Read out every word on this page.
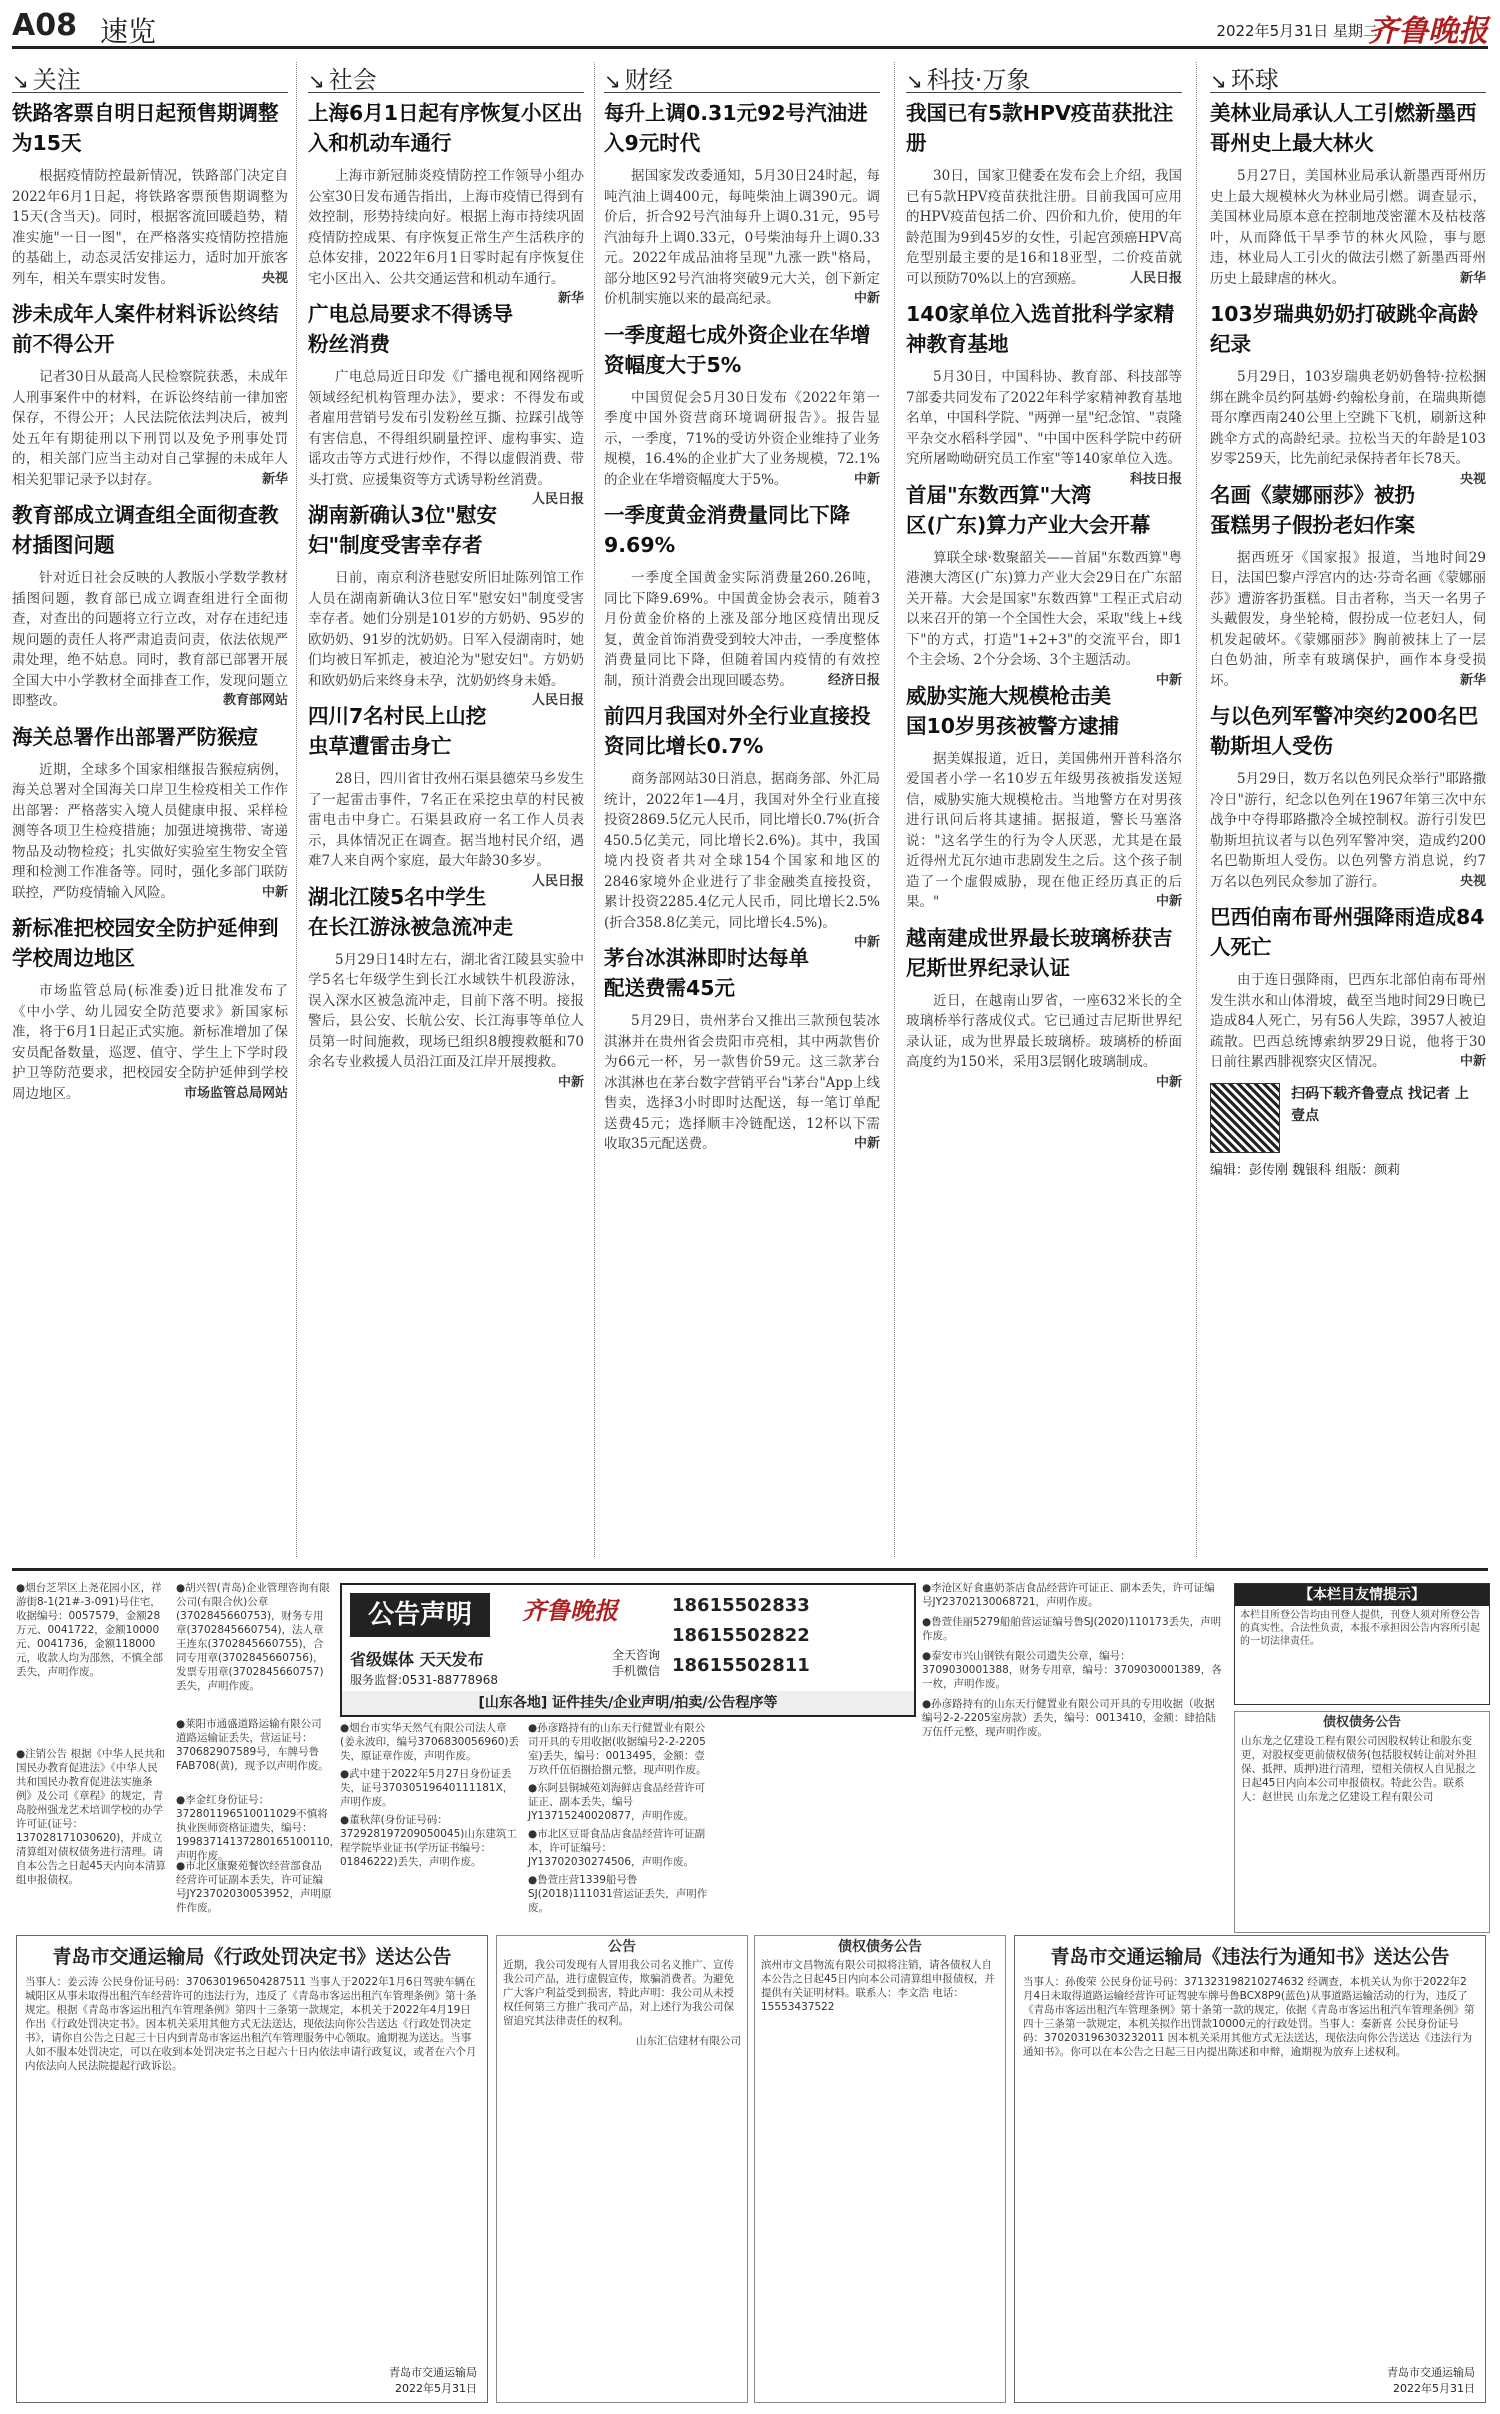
A08 速览	2022年5月31日 星期二
齐鲁晚报
↘ 关注	↘ 社会	↘ 财经	↘ 科技·万象	↘ 环球
铁路客票自明日起预售期调整为15天

根据疫情防控最新情况，铁路部门决定自2022年6月1日起，将铁路客票预售期调整为15天(含当天)。同时，根据客流回暖趋势，精准实施"一日一图"，在严格落实疫情防控措施的基础上，动态灵活安排运力，适时加开旅客列车，相关车票实时发售。	央视

涉未成年人案件材料诉讼终结前不得公开

记者30日从最高人民检察院获悉，未成年人刑事案件中的材料，在诉讼终结前一律加密保存，不得公开；人民法院依法判决后，被判处五年有期徒刑以下刑罚以及免予刑事处罚的，相关部门应当主动对自己掌握的未成年人相关犯罪记录予以封存。	新华

教育部成立调查组全面彻查教材插图问题

针对近日社会反映的人教版小学数学教材插图问题，教育部已成立调查组进行全面彻查，对查出的问题将立行立改，对存在违纪违规问题的责任人将严肃追责问责，依法依规严肃处理，绝不姑息。同时，教育部已部署开展全国大中小学教材全面排查工作，发现问题立即整改。	教育部网站

海关总署作出部署严防猴痘

近期，全球多个国家相继报告猴痘病例，海关总署对全国海关口岸卫生检疫相关工作作出部署：严格落实入境人员健康申报、采样检测等各项卫生检疫措施；加强进境携带、寄递物品及动物检疫；扎实做好实验室生物安全管理和检测工作准备等。同时，强化多部门联防联控，严防疫情输入风险。	中新

新标准把校园安全防护延伸到学校周边地区

市场监管总局(标准委)近日批准发布了《中小学、幼儿园安全防范要求》新国家标准，将于6月1日起正式实施。新标准增加了保安员配备数量，巡逻、值守、学生上下学时段护卫等防范要求，把校园安全防护延伸到学校周边地区。	市场监管总局网站

上海6月1日起有序恢复小区出入和机动车通行

上海市新冠肺炎疫情防控工作领导小组办公室30日发布通告指出，上海市疫情已得到有效控制，形势持续向好。根据上海市持续巩固疫情防控成果、有序恢复正常生产生活秩序的总体安排，2022年6月1日零时起有序恢复住宅小区出入、公共交通运营和机动车通行。
新华

广电总局要求不得诱导粉丝消费

广电总局近日印发《广播电视和网络视听领域经纪机构管理办法》，要求：不得发布或者雇用营销号发布引发粉丝互撕、拉踩引战等有害信息，不得组织刷量控评、虚构事实、造谣攻击等方式进行炒作，不得以虚假消费、带头打赏、应援集资等方式诱导粉丝消费。
人民日报

湖南新确认3位"慰安妇"制度受害幸存者

日前，南京利济巷慰安所旧址陈列馆工作人员在湖南新确认3位日军"慰安妇"制度受害幸存者。她们分别是101岁的方奶奶、95岁的欧奶奶、91岁的沈奶奶。日军入侵湖南时，她们均被日军抓走，被迫沦为"慰安妇"。方奶奶和欧奶奶后来终身未孕，沈奶奶终身未婚。
人民日报

四川7名村民上山挖虫草遭雷击身亡

28日，四川省甘孜州石渠县德荣马乡发生了一起雷击事件，7名正在采挖虫草的村民被雷电击中身亡。石渠县政府一名工作人员表示，具体情况正在调查。据当地村民介绍，遇难7人来自两个家庭，最大年龄30多岁。
人民日报

湖北江陵5名中学生在长江游泳被急流冲走

5月29日14时左右，湖北省江陵县实验中学5名七年级学生到长江水域铁牛机段游泳，误入深水区被急流冲走，目前下落不明。接报警后，县公安、长航公安、长江海事等单位人员第一时间施救，现场已组织8艘搜救艇和70余名专业救援人员沿江面及江岸开展搜救。
中新

每升上调0.31元92号汽油进入9元时代

据国家发改委通知，5月30日24时起，每吨汽油上调400元，每吨柴油上调390元。调价后，折合92号汽油每升上调0.31元，95号汽油每升上调0.33元，0号柴油每升上调0.33元。2022年成品油将呈现"九涨一跌"格局，部分地区92号汽油将突破9元大关，创下新定价机制实施以来的最高纪录。	中新

一季度超七成外资企业在华增资幅度大于5%

中国贸促会5月30日发布《2022年第一季度中国外资营商环境调研报告》。报告显示，一季度，71%的受访外资企业维持了业务规模，16.4%的企业扩大了业务规模，72.1%的企业在华增资幅度大于5%。	中新

一季度黄金消费量同比下降9.69%

一季度全国黄金实际消费量260.26吨，同比下降9.69%。中国黄金协会表示，随着3月份黄金价格的上涨及部分地区疫情出现反复，黄金首饰消费受到较大冲击，一季度整体消费量同比下降，但随着国内疫情的有效控制，预计消费会出现回暖态势。	经济日报

前四月我国对外全行业直接投资同比增长0.7%

商务部网站30日消息，据商务部、外汇局统计，2022年1—4月，我国对外全行业直接投资2869.5亿元人民币，同比增长0.7%(折合450.5亿美元，同比增长2.6%)。其中，我国境内投资者共对全球154个国家和地区的2846家境外企业进行了非金融类直接投资，累计投资2285.4亿元人民币，同比增长2.5%(折合358.8亿美元，同比增长4.5%)。
中新

茅台冰淇淋即时达每单配送费需45元

5月29日，贵州茅台又推出三款预包装冰淇淋并在贵州省会贵阳市亮相，其中两款售价为66元一杯，另一款售价59元。这三款茅台冰淇淋也在茅台数字营销平台"i茅台"App上线售卖，选择3小时即时达配送，每一笔订单配送费45元；选择顺丰冷链配送，12杯以下需收取35元配送费。	中新

我国已有5款HPV疫苗获批注册

30日，国家卫健委在发布会上介绍，我国已有5款HPV疫苗获批注册。目前我国可应用的HPV疫苗包括二价、四价和九价，使用的年龄范围为9到45岁的女性，引起宫颈癌HPV高危型别最主要的是16和18亚型，二价疫苗就可以预防70%以上的宫颈癌。	人民日报

140家单位入选首批科学家精神教育基地

5月30日，中国科协、教育部、科技部等7部委共同发布了2022年科学家精神教育基地名单，中国科学院、"两弹一星"纪念馆、"袁隆平杂交水稻科学园"、"中国中医科学院中药研究所屠呦呦研究员工作室"等140家单位入选。
科技日报

首届"东数西算"大湾区(广东)算力产业大会开幕

算联全球·数聚韶关——首届"东数西算"粤港澳大湾区(广东)算力产业大会29日在广东韶关开幕。大会是国家"东数西算"工程正式启动以来召开的第一个全国性大会，采取"线上+线下"的方式，打造"1+2+3"的交流平台，即1个主会场、2个分会场、3个主题活动。
中新

威胁实施大规模枪击美国10岁男孩被警方逮捕

据美媒报道，近日，美国佛州开普科洛尔爱国者小学一名10岁五年级男孩被指发送短信，威胁实施大规模枪击。当地警方在对男孩进行讯问后将其逮捕。据报道，警长马塞洛说："这名学生的行为令人厌恶，尤其是在最近得州尤瓦尔迪市悲剧发生之后。这个孩子制造了一个虚假威胁，现在他正经历真正的后果。"	中新

越南建成世界最长玻璃桥获吉尼斯世界纪录认证

近日，在越南山罗省，一座632米长的全玻璃桥举行落成仪式。它已通过吉尼斯世界纪录认证，成为世界最长玻璃桥。玻璃桥的桥面高度约为150米，采用3层钢化玻璃制成。
中新

美林业局承认人工引燃新墨西哥州史上最大林火

5月27日，美国林业局承认新墨西哥州历史上最大规模林火为林业局引燃。调查显示，美国林业局原本意在控制地茂密灌木及枯枝落叶，从而降低干旱季节的林火风险，事与愿违，林业局人工引火的做法引燃了新墨西哥州历史上最肆虐的林火。	新华

103岁瑞典奶奶打破跳伞高龄纪录

5月29日，103岁瑞典老奶奶鲁特·拉松捆绑在跳伞员约阿基姆·约翰松身前，在瑞典斯德哥尔摩西南240公里上空跳下飞机，刷新这种跳伞方式的高龄纪录。拉松当天的年龄是103岁零259天，比先前纪录保持者年长78天。
央视

名画《蒙娜丽莎》被扔蛋糕男子假扮老妇作案

据西班牙《国家报》报道，当地时间29日，法国巴黎卢浮宫内的达·芬奇名画《蒙娜丽莎》遭游客扔蛋糕。目击者称，当天一名男子头戴假发，身坐轮椅，假扮成一位老妇人，伺机发起破坏。《蒙娜丽莎》胸前被抹上了一层白色奶油，所幸有玻璃保护，画作本身受损坏。	新华

与以色列军警冲突约200名巴勒斯坦人受伤

5月29日，数万名以色列民众举行"耶路撒冷日"游行，纪念以色列在1967年第三次中东战争中夺得耶路撒冷全城控制权。游行引发巴勒斯坦抗议者与以色列军警冲突，造成约200名巴勒斯坦人受伤。以色列警方消息说，约7万名以色列民众参加了游行。	央视

巴西伯南布哥州强降雨造成84人死亡

由于连日强降雨，巴西东北部伯南布哥州发生洪水和山体滑坡，截至当地时间29日晚已造成84人死亡，另有56人失踪，3957人被迫疏散。巴西总统博索纳罗29日说，他将于30日前往累西腓视察灾区情况。	中新

扫码下载齐鲁壹点 找记者 上壹点
编辑：彭传刚 魏银科 组版：颜莉
●烟台芝罘区上尧花园小区，祥游街8-1(21#-3-091)号住宅，收据编号：0057579，金额28万元、0041722，金额10000元、0041736，金额118000元，收款人均为邵然，不慎全部丢失，声明作废。
●注销公告 根据《中华人民共和国民办教育促进法》《中华人民共和国民办教育促进法实施条例》及公司《章程》的规定，青岛胶州强龙艺术培训学校的办学许可证(证号：137028171030620)，并成立清算组对债权债务进行清理。请自本公告之日起45天内向本清算组申报债权。
●胡兴智(青岛)企业管理咨询有限公司(有限合伙)公章(3702845660753)，财务专用章(3702845660754)，法人章王连东(3702845660755)，合同专用章(3702845660756)，发票专用章(3702845660757)丢失，声明作废。
●莱阳市通盛道路运输有限公司道路运输证丢失，营运证号：370682907589号，车牌号鲁FAB708(黄)，现予以声明作废。
●李金红身份证号：372801196510011029不慎将执业医师资格证遗失，编号：19983714137280165100110，声明作废。
●市北区康聚苑餐饮经营部食品经营许可证副本丢失，许可证编号JY23702030053952，声明原件作废。
公告声明	齐鲁晚报	18615502833
18615502822
18615502811
省级媒体 天天发布
服务监督:0531-88778968
全天咨询 手机微信
[山东各地] 证件挂失/企业声明/拍卖/公告程序等
●烟台市实华天然气有限公司法人章(姜永波印，编号3706830056960)丢失，原证章作废，声明作废。
●武中建于2022年5月27日身份证丢失，证号37030519640111181X，声明作废。
●董秋萍(身份证号码：372928197209050045)山东建筑工程学院毕业证书(学历证书编号：01846222)丢失，声明作废。
●孙彦路持有的山东天行健置业有限公司开具的专用收据(收据编号2-2-2205室)丢失，编号：0013495，金额：壹万玖仟伍佰捌拾捌元整，现声明作废。
●东阿县铜城苑刘海鲜店食品经营许可证正、副本丢失，编号JY13715240020877，声明作废。
●市北区豆哥食品店食品经营许可证副本，许可证编号：JY13702030274506，声明作废。
●鲁萱庄营1339船号鲁SJ(2018)111031营运证丢失，声明作废。
●李沧区好食惠奶茶店食品经营许可证正、副本丢失，许可证编号JY23702130068721，声明作废。
●鲁萱佳丽5279船舶营运证编号鲁SJ(2020)110173丢失，声明作废。
●泰安市兴山钢铁有限公司遗失公章，编号：3709030001388，财务专用章，编号：3709030001389，各一枚，声明作废。
●孙彦路持有的山东天行健置业有限公司开具的专用收据（收据编号2-2-2205室房款）丢失，编号：0013410，金额：肆拾陆万伍仟元整，现声明作废。
【本栏目友情提示】
本栏目所登公告均由刊登人提供，刊登人须对所登公告的真实性、合法性负责，本报不承担因公告内容所引起的一切法律责任。
债权债务公告
山东龙之亿建设工程有限公司因股权转让和股东变更，对股权变更前债权债务(包括股权转让前对外担保、抵押、质押)进行清理，望相关债权人自见报之日起45日内向本公司申报债权。特此公告。联系人：赵世民 山东龙之亿建设工程有限公司
青岛市交通运输局《行政处罚决定书》送达公告
当事人：姜云涛 公民身份证号码：370630196504287511 当事人于2022年1月6日驾驶车辆在城阳区从事未取得出租汽车经营许可的违法行为，违反了《青岛市客运出租汽车管理条例》第十条规定。根据《青岛市客运出租汽车管理条例》第四十三条第一款规定，本机关于2022年4月19日作出《行政处罚决定书》。因本机关采用其他方式无法送达，现依法向你公告送达《行政处罚决定书》，请你自公告之日起三十日内到青岛市客运出租汽车管理服务中心领取。逾期视为送达。当事人如不服本处罚决定，可以在收到本处罚决定书之日起六十日内依法申请行政复议，或者在六个月内依法向人民法院提起行政诉讼。
青岛市交通运输局
2022年5月31日
公告
近期，我公司发现有人冒用我公司名义推广、宣传我公司产品，进行虚假宣传，欺骗消费者。为避免广大客户利益受到损害，特此声明：我公司从未授权任何第三方推广我司产品，对上述行为我公司保留追究其法律责任的权利。
山东汇信建材有限公司
债权债务公告
滨州市文昌物流有限公司拟将注销，请各债权人自本公告之日起45日内向本公司清算组申报债权，并提供有关证明材料。联系人：李文浩 电话：15553437522
青岛市交通运输局《违法行为通知书》送达公告
当事人：孙俊荣 公民身份证号码：371323198210274632 经调查，本机关认为你于2022年2月4日未取得道路运输经营许可证驾驶车牌号鲁BCX8P9(蓝色)从事道路运输活动的行为，违反了《青岛市客运出租汽车管理条例》第十条第一款的规定，依据《青岛市客运出租汽车管理条例》第四十三条第一款规定，本机关拟作出罚款10000元的行政处罚。当事人：秦新喜 公民身份证号码：370203196303232011 因本机关采用其他方式无法送达，现依法向你公告送达《违法行为通知书》。你可以在本公告之日起三日内提出陈述和申辩，逾期视为放弃上述权利。
青岛市交通运输局
2022年5月31日
